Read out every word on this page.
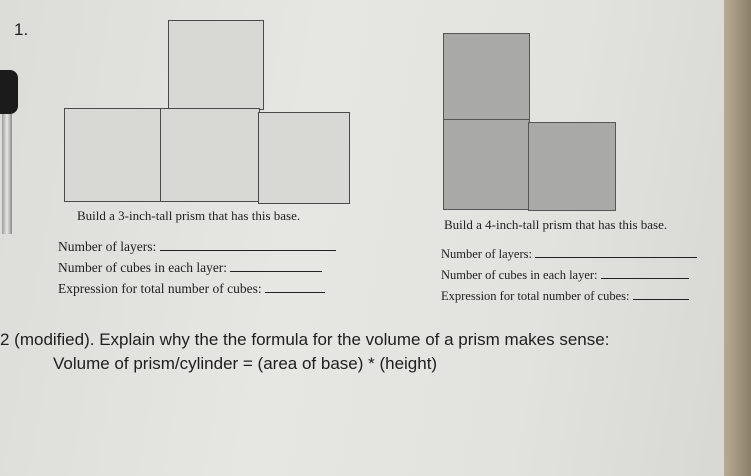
1.
Build a 3-inch-tall prism that has this base.
Number of layers:
Number of cubes in each layer:
Expression for total number of cubes:
Build a 4-inch-tall prism that has this base.
Number of layers:
Number of cubes in each layer:
Expression for total number of cubes:
2 (modified). Explain why the the formula for the volume of a prism makes sense:
Volume of prism/cylinder = (area of base) * (height)
